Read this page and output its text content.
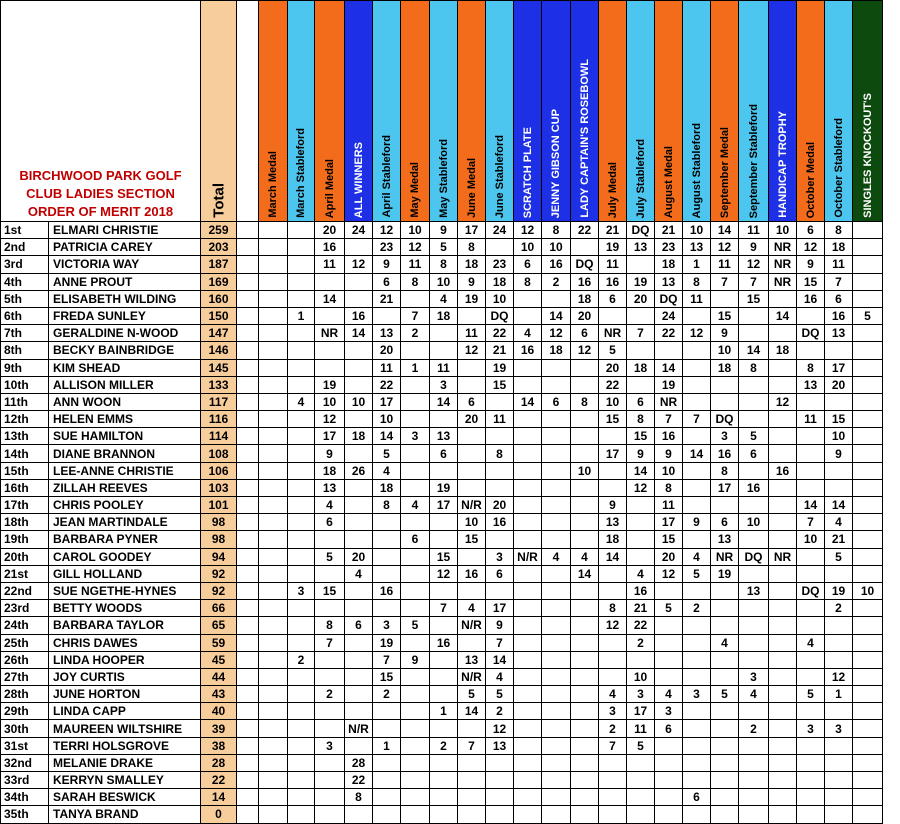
BIRCHWOOD PARK GOLF CLUB LADIES SECTION ORDER OF MERIT 2018		Total		March Medal	March Stableford	April Medal	ALL WINNERS	April Stableford	May Medal	May Stableford	June Medal	June Stableford	SCRATCH PLATE	JENNY GIBSON CUP	LADY CAPTAIN'S ROSEBOWL	July Medal	July Stableford	August Medal	August Stableford	September Medal	September Stableford	HANDICAP TROPHY	October Medal	October Stableford	SINGLES KNOCKOUT'S

1st	ELMARI CHRISTIE	259				20	24	12	10	9	17	24	12	8	22	21	DQ	21	10	14	11	10	6	8	
2nd	PATRICIA CAREY	203				16		23	12	5	8		10	10		19	13	23	13	12	9	NR	12	18	
3rd	VICTORIA WAY	187				11	12	9	11	8	18	23	6	16	DQ	11		18	1	11	12	NR	9	11	
4th	ANNE PROUT	169						6	8	10	9	18	8	2	16	16	19	13	8	7	7	NR	15	7	
5th	ELISABETH WILDING	160				14		21		4	19	10			18	6	20	DQ	11		15		16	6	
6th	FREDA SUNLEY	150			1		16		7	18		DQ		14	20			24		15		14		16	5
7th	GERALDINE N-WOOD	147				NR	14	13	2		11	22	4	12	6	NR	7	22	12	9			DQ	13	
8th	BECKY BAINBRIDGE	146						20			12	21	16	18	12	5				10	14	18			
9th	KIM SHEAD	145						11	1	11		19				20	18	14		18	8		8	17	
10th	ALLISON MILLER	133				19		22		3		15				22		19					13	20	
11th	ANN WOON	117			4	10	10	17		14	6		14	6	8	10	6	NR				12			
12th	HELEN EMMS	116				12		10			20	11				15	8	7	7	DQ			11	15	
13th	SUE HAMILTON	114				17	18	14	3	13							15	16		3	5			10	
14th	DIANE BRANNON	108				9		5		6		8				17	9	9	14	16	6			9	
15th	LEE-ANNE CHRISTIE	106				18	26	4							10		14	10		8		16			
16th	ZILLAH REEVES	103				13		18		19							12	8		17	16				
17th	CHRIS POOLEY	101				4		8	4	17	N/R	20				9		11					14	14	
18th	JEAN MARTINDALE	98				6					10	16				13		17	9	6	10		7	4	
19th	BARBARA PYNER	98							6		15					18		15		13			10	21	
20th	CAROL GOODEY	94				5	20			15		3	N/R	4	4	14		20	4	NR	DQ	NR		5	
21st	GILL HOLLAND	92					4			12	16	6			14		4	12	5	19					
22nd	SUE NGETHE-HYNES	92			3	15		16									16				13		DQ	19	10
23rd	BETTY WOODS	66								7	4	17				8	21	5	2					2	
24th	BARBARA TAYLOR	65				8	6	3	5		N/R	9				12	22								
25th	CHRIS DAWES	59				7		19		16		7					2			4			4		
26th	LINDA HOOPER	45			2			7	9		13	14													
27th	JOY CURTIS	44						15			N/R	4					10				3			12	
28th	JUNE HORTON	43				2		2			5	5				4	3	4	3	5	4		5	1	
29th	LINDA CAPP	40								1	14	2				3	17	3							
30th	MAUREEN WILTSHIRE	39					N/R					12				2	11	6			2		3	3	
31st	TERRI HOLSGROVE	38				3		1		2	7	13				7	5								
32nd	MELANIE DRAKE	28					28																		
33rd	KERRYN SMALLEY	22					22																		
34th	SARAH BESWICK	14					8												6						
35th	TANYA BRAND	0																							
